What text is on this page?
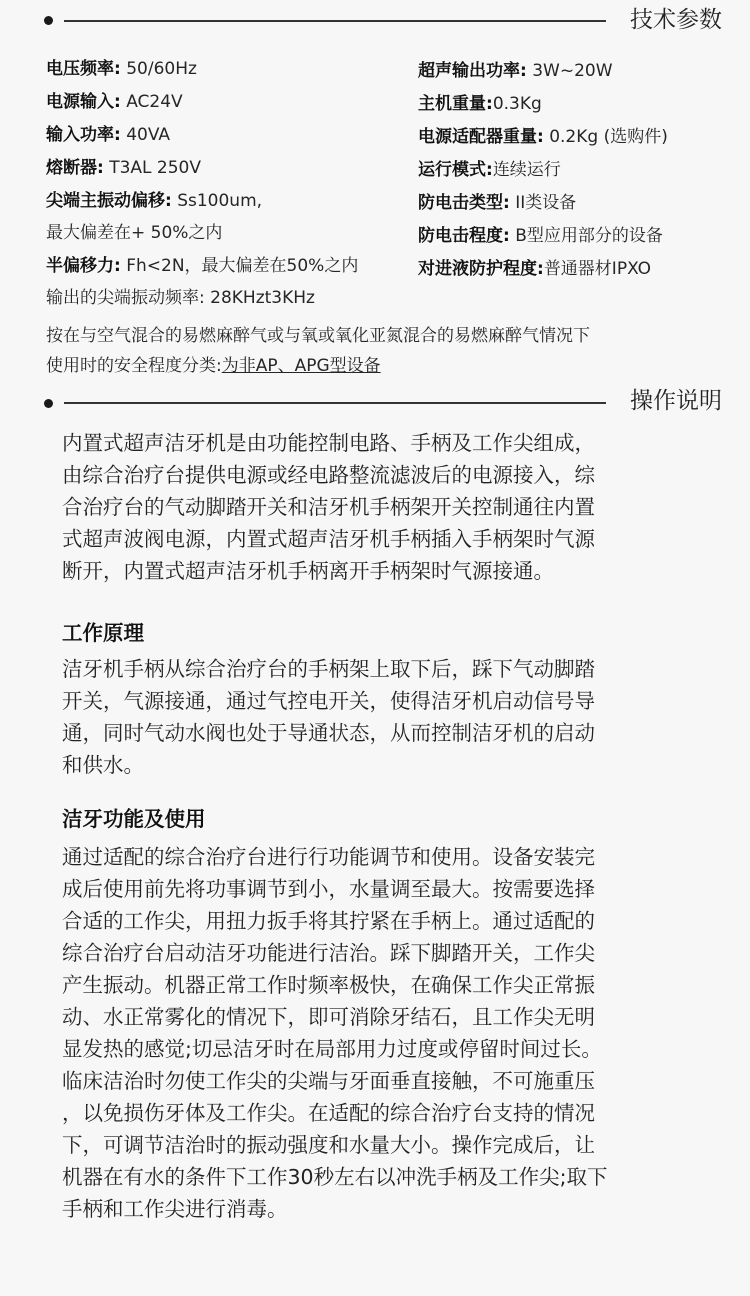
技术参数
电压频率: 50/60Hz
电源输入: AC24V
输入功率: 40VA
熔断器: T3AL 250V
尖端主振动偏移: Ss100um,
最大偏差在+ 50%之内
半偏移力: Fh<2N，最大偏差在50%之内
输出的尖端振动频率: 28KHzt3KHz
超声输出功率: 3W~20W
主机重量:0.3Kg
电源适配器重量: 0.2Kg (选购件)
运行模式:连续运行
防电击类型: II类设备
防电击程度: B型应用部分的设备
对进液防护程度:普通器材IPXO
按在与空气混合的易燃麻醉气或与氧或氧化亚氮混合的易燃麻醉气情况下
使用时的安全程度分类:为非AP、APG型设备
操作说明
内置式超声洁牙机是由功能控制电路、手柄及工作尖组成，
由综合治疗台提供电源或经电路整流滤波后的电源接入，综
合治疗台的气动脚踏开关和洁牙机手柄架开关控制通往内置
式超声波阀电源，内置式超声洁牙机手柄插入手柄架时气源
断开，内置式超声洁牙机手柄离开手柄架时气源接通。
工作原理
洁牙机手柄从综合治疗台的手柄架上取下后，踩下气动脚踏
开关，气源接通，通过气控电开关，使得洁牙机启动信号导
通，同时气动水阀也处于导通状态，从而控制洁牙机的启动
和供水。
洁牙功能及使用
通过适配的综合治疗台进行行功能调节和使用。设备安装完
成后使用前先将功事调节到小，水量调至最大。按需要选择
合适的工作尖，用扭力扳手将其拧紧在手柄上。通过适配的
综合治疗台启动洁牙功能进行洁治。踩下脚踏开关，工作尖
产生振动。机器正常工作时频率极快，在确保工作尖正常振
动、水正常雾化的情况下，即可消除牙结石，且工作尖无明
显发热的感觉;切忌洁牙时在局部用力过度或停留时间过长。
临床洁治时勿使工作尖的尖端与牙面垂直接触，不可施重压
，以免损伤牙体及工作尖。在适配的综合治疗台支持的情况
下，可调节洁治时的振动强度和水量大小。操作完成后，让
机器在有水的条件下工作30秒左右以冲洗手柄及工作尖;取下
手柄和工作尖进行消毒。
